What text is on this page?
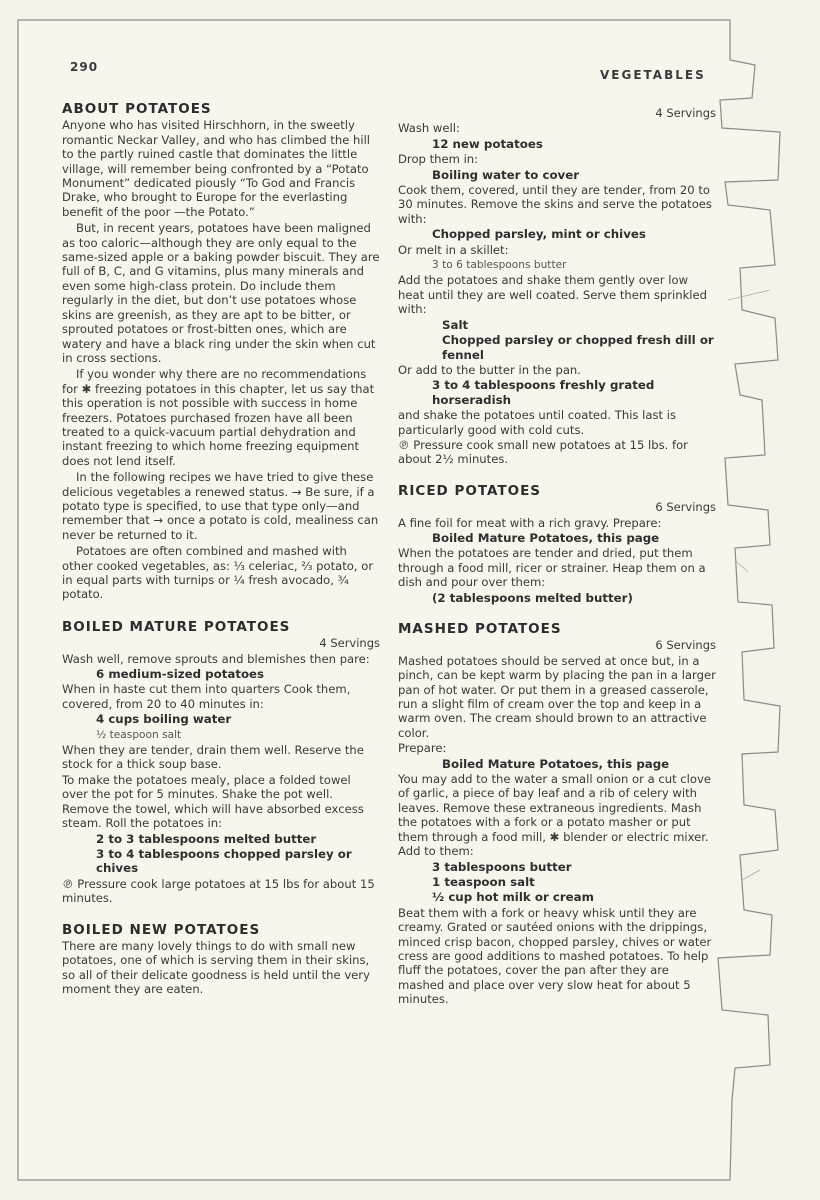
290
VEGETABLES
ABOUT POTATOES

Anyone who has visited Hirschhorn, in the sweetly romantic Neckar Valley, and who has climbed the hill to the partly ruined castle that dominates the little village, will remember being confronted by a “Potato Monument” dedicated piously “To God and Francis Drake, who brought to Europe for the everlasting benefit of the poor —the Potato.”

But, in recent years, potatoes have been maligned as too caloric—although they are only equal to the same-sized apple or a baking powder biscuit. They are full of B, C, and G vitamins, plus many minerals and even some high-class protein. Do include them regularly in the diet, but don’t use potatoes whose skins are greenish, as they are apt to be bitter, or sprouted potatoes or frost-bitten ones, which are watery and have a black ring under the skin when cut in cross sections.

If you wonder why there are no recommendations for ✱ freezing potatoes in this chapter, let us say that this operation is not possible with success in home freezers. Potatoes purchased frozen have all been treated to a quick-vacuum partial dehydration and instant freezing to which home freezing equipment does not lend itself.

In the following recipes we have tried to give these delicious vegetables a renewed status. → Be sure, if a potato type is specified, to use that type only—and remember that → once a potato is cold, mealiness can never be returned to it.

Potatoes are often combined and mashed with other cooked vegetables, as: ⅓ celeriac, ⅔ potato, or in equal parts with turnips or ¼ fresh avocado, ¾ potato.

BOILED MATURE POTATOES

4 Servings

Wash well, remove sprouts and blemishes then pare:

6 medium-sized potatoes

When in haste cut them into quarters Cook them, covered, from 20 to 40 minutes in:

4 cups boiling water

½ teaspoon salt

When they are tender, drain them well. Reserve the stock for a thick soup base.

To make the potatoes mealy, place a folded towel over the pot for 5 minutes. Shake the pot well. Remove the towel, which will have absorbed excess steam. Roll the potatoes in:

2 to 3 tablespoons melted butter

3 to 4 tablespoons chopped parsley or chives

℗ Pressure cook large potatoes at 15 lbs for about 15 minutes.

BOILED NEW POTATOES

There are many lovely things to do with small new potatoes, one of which is serving them in their skins, so all of their delicate goodness is held until the very moment they are eaten.

4 Servings

Wash well:

12 new potatoes

Drop them in:

Boiling water to cover

Cook them, covered, until they are tender, from 20 to 30 minutes. Remove the skins and serve the potatoes with:

Chopped parsley, mint or chives

Or melt in a skillet:

3 to 6 tablespoons butter

Add the potatoes and shake them gently over low heat until they are well coated. Serve them sprinkled with:

Salt

Chopped parsley or chopped fresh dill or fennel

Or add to the butter in the pan.

3 to 4 tablespoons freshly grated horseradish

and shake the potatoes until coated. This last is particularly good with cold cuts.

℗ Pressure cook small new potatoes at 15 lbs. for about 2½ minutes.

RICED POTATOES

6 Servings

A fine foil for meat with a rich gravy. Prepare:

Boiled Mature Potatoes, this page

When the potatoes are tender and dried, put them through a food mill, ricer or strainer. Heap them on a dish and pour over them:

(2 tablespoons melted butter)

MASHED POTATOES

6 Servings

Mashed potatoes should be served at once but, in a pinch, can be kept warm by placing the pan in a larger pan of hot water. Or put them in a greased casserole, run a slight film of cream over the top and keep in a warm oven. The cream should brown to an attractive color.

Prepare:

Boiled Mature Potatoes, this page

You may add to the water a small onion or a cut clove of garlic, a piece of bay leaf and a rib of celery with leaves. Remove these extraneous ingredients. Mash the potatoes with a fork or a potato masher or put them through a food mill, ✱ blender or electric mixer. Add to them:

3 tablespoons butter

1 teaspoon salt

½ cup hot milk or cream

Beat them with a fork or heavy whisk until they are creamy. Grated or sautéed onions with the drippings, minced crisp bacon, chopped parsley, chives or water cress are good additions to mashed potatoes. To help fluff the potatoes, cover the pan after they are mashed and place over very slow heat for about 5 minutes.
